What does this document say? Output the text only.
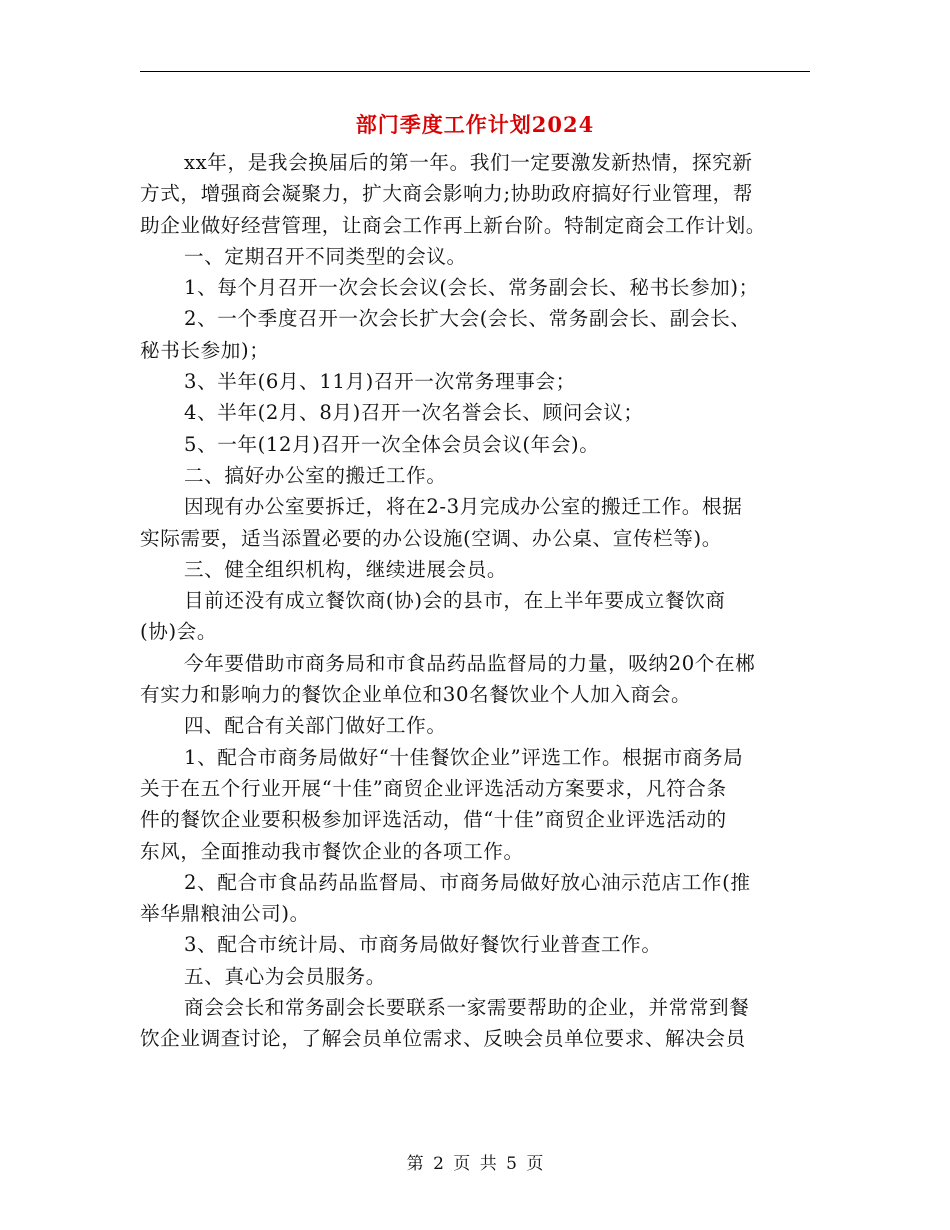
部门季度工作计划2024

xx年，是我会换届后的第一年。我们一定要激发新热情，探究新

方式，增强商会凝聚力，扩大商会影响力;协助政府搞好行业管理，帮

助企业做好经营管理，让商会工作再上新台阶。特制定商会工作计划。

一、定期召开不同类型的会议。

1、每个月召开一次会长会议(会长、常务副会长、秘书长参加)；

2、一个季度召开一次会长扩大会(会长、常务副会长、副会长、

秘书长参加)；

3、半年(6月、11月)召开一次常务理事会；

4、半年(2月、8月)召开一次名誉会长、顾问会议；

5、一年(12月)召开一次全体会员会议(年会)。

二、搞好办公室的搬迁工作。

因现有办公室要拆迁，将在2-3月完成办公室的搬迁工作。根据

实际需要，适当添置必要的办公设施(空调、办公桌、宣传栏等)。

三、健全组织机构，继续进展会员。

目前还没有成立餐饮商(协)会的县市，在上半年要成立餐饮商

(协)会。

今年要借助市商务局和市食品药品监督局的力量，吸纳20个在郴

有实力和影响力的餐饮企业单位和30名餐饮业个人加入商会。

四、配合有关部门做好工作。

1、配合市商务局做好“十佳餐饮企业”评选工作。根据市商务局

关于在五个行业开展“十佳”商贸企业评选活动方案要求，凡符合条

件的餐饮企业要积极参加评选活动，借“十佳”商贸企业评选活动的

东风，全面推动我市餐饮企业的各项工作。

2、配合市食品药品监督局、市商务局做好放心油示范店工作(推

举华鼎粮油公司)。

3、配合市统计局、市商务局做好餐饮行业普查工作。

五、真心为会员服务。

商会会长和常务副会长要联系一家需要帮助的企业，并常常到餐

饮企业调查讨论，了解会员单位需求、反映会员单位要求、解决会员

第 2 页 共 5 页
